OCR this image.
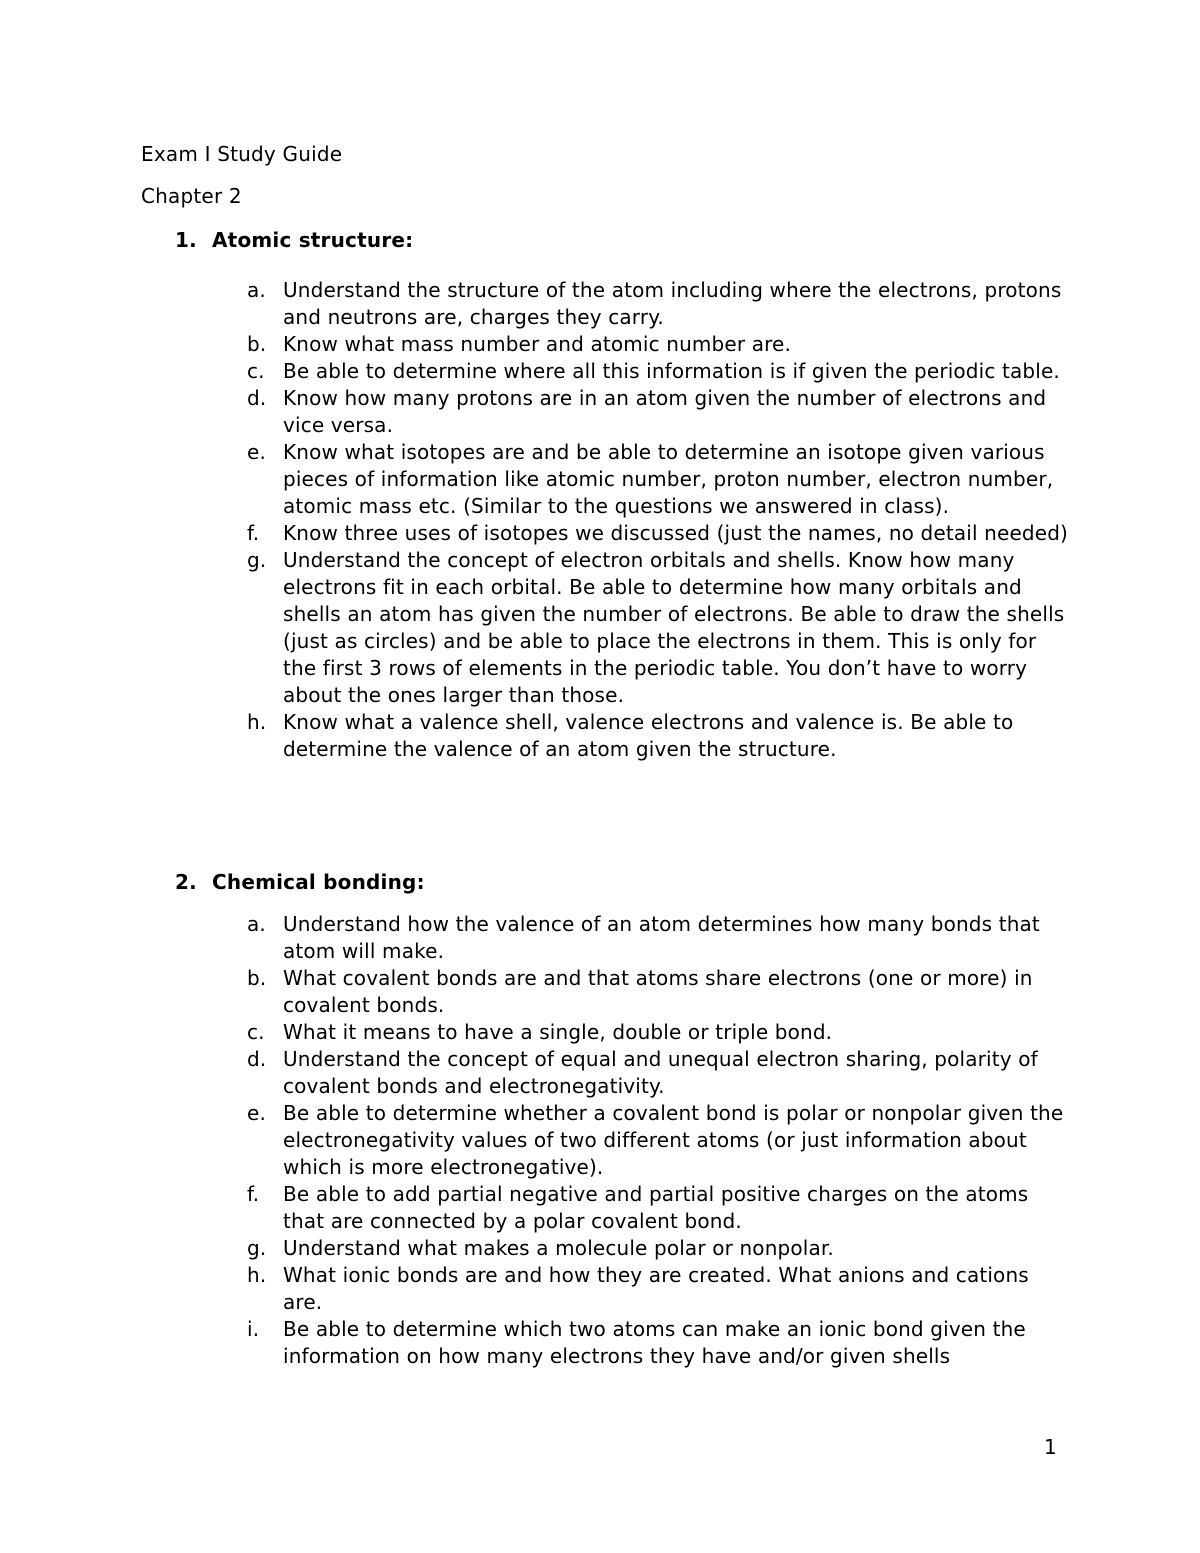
Exam I Study Guide
Chapter 2
1. Atomic structure:
a. Understand the structure of the atom including where the electrons, protons and neutrons are, charges they carry.
b. Know what mass number and atomic number are.
c. Be able to determine where all this information is if given the periodic table.
d. Know how many protons are in an atom given the number of electrons and vice versa.
e. Know what isotopes are and be able to determine an isotope given various pieces of information like atomic number, proton number, electron number, atomic mass etc. (Similar to the questions we answered in class).
f. Know three uses of isotopes we discussed (just the names, no detail needed)
g. Understand the concept of electron orbitals and shells. Know how many electrons fit in each orbital. Be able to determine how many orbitals and shells an atom has given the number of electrons. Be able to draw the shells (just as circles) and be able to place the electrons in them. This is only for the first 3 rows of elements in the periodic table. You don’t have to worry about the ones larger than those.
h. Know what a valence shell, valence electrons and valence is. Be able to determine the valence of an atom given the structure.
2. Chemical bonding:
a. Understand how the valence of an atom determines how many bonds that atom will make.
b. What covalent bonds are and that atoms share electrons (one or more) in covalent bonds.
c. What it means to have a single, double or triple bond.
d. Understand the concept of equal and unequal electron sharing, polarity of covalent bonds and electronegativity.
e. Be able to determine whether a covalent bond is polar or nonpolar given the electronegativity values of two different atoms (or just information about which is more electronegative).
f. Be able to add partial negative and partial positive charges on the atoms that are connected by a polar covalent bond.
g. Understand what makes a molecule polar or nonpolar.
h. What ionic bonds are and how they are created. What anions and cations are.
i. Be able to determine which two atoms can make an ionic bond given the information on how many electrons they have and/or given shells
1
